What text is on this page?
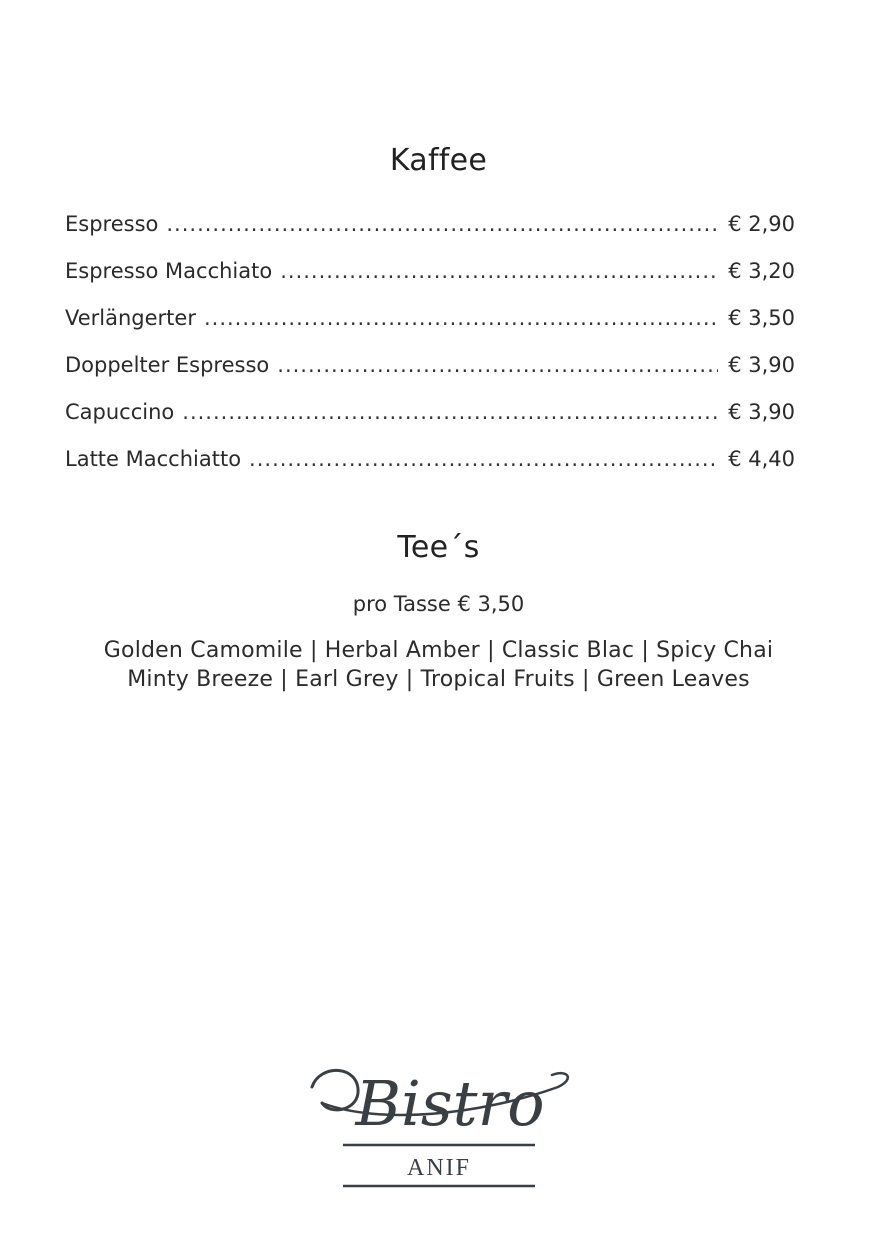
Kaffee
Espresso .....	€ 2,90
Espresso Macchiato .....	€ 3,20
Verlängerter .....	€ 3,50
Doppelter Espresso .....	€ 3,90
Capuccino .....	€ 3,90
Latte Macchiatto .....	€ 4,40
Tee´s
pro Tasse € 3,50
Golden Camomile | Herbal Amber | Classic Blac | Spicy Chai
Minty Breeze | Earl Grey | Tropical Fruits | Green Leaves
Bistro
ANIF
